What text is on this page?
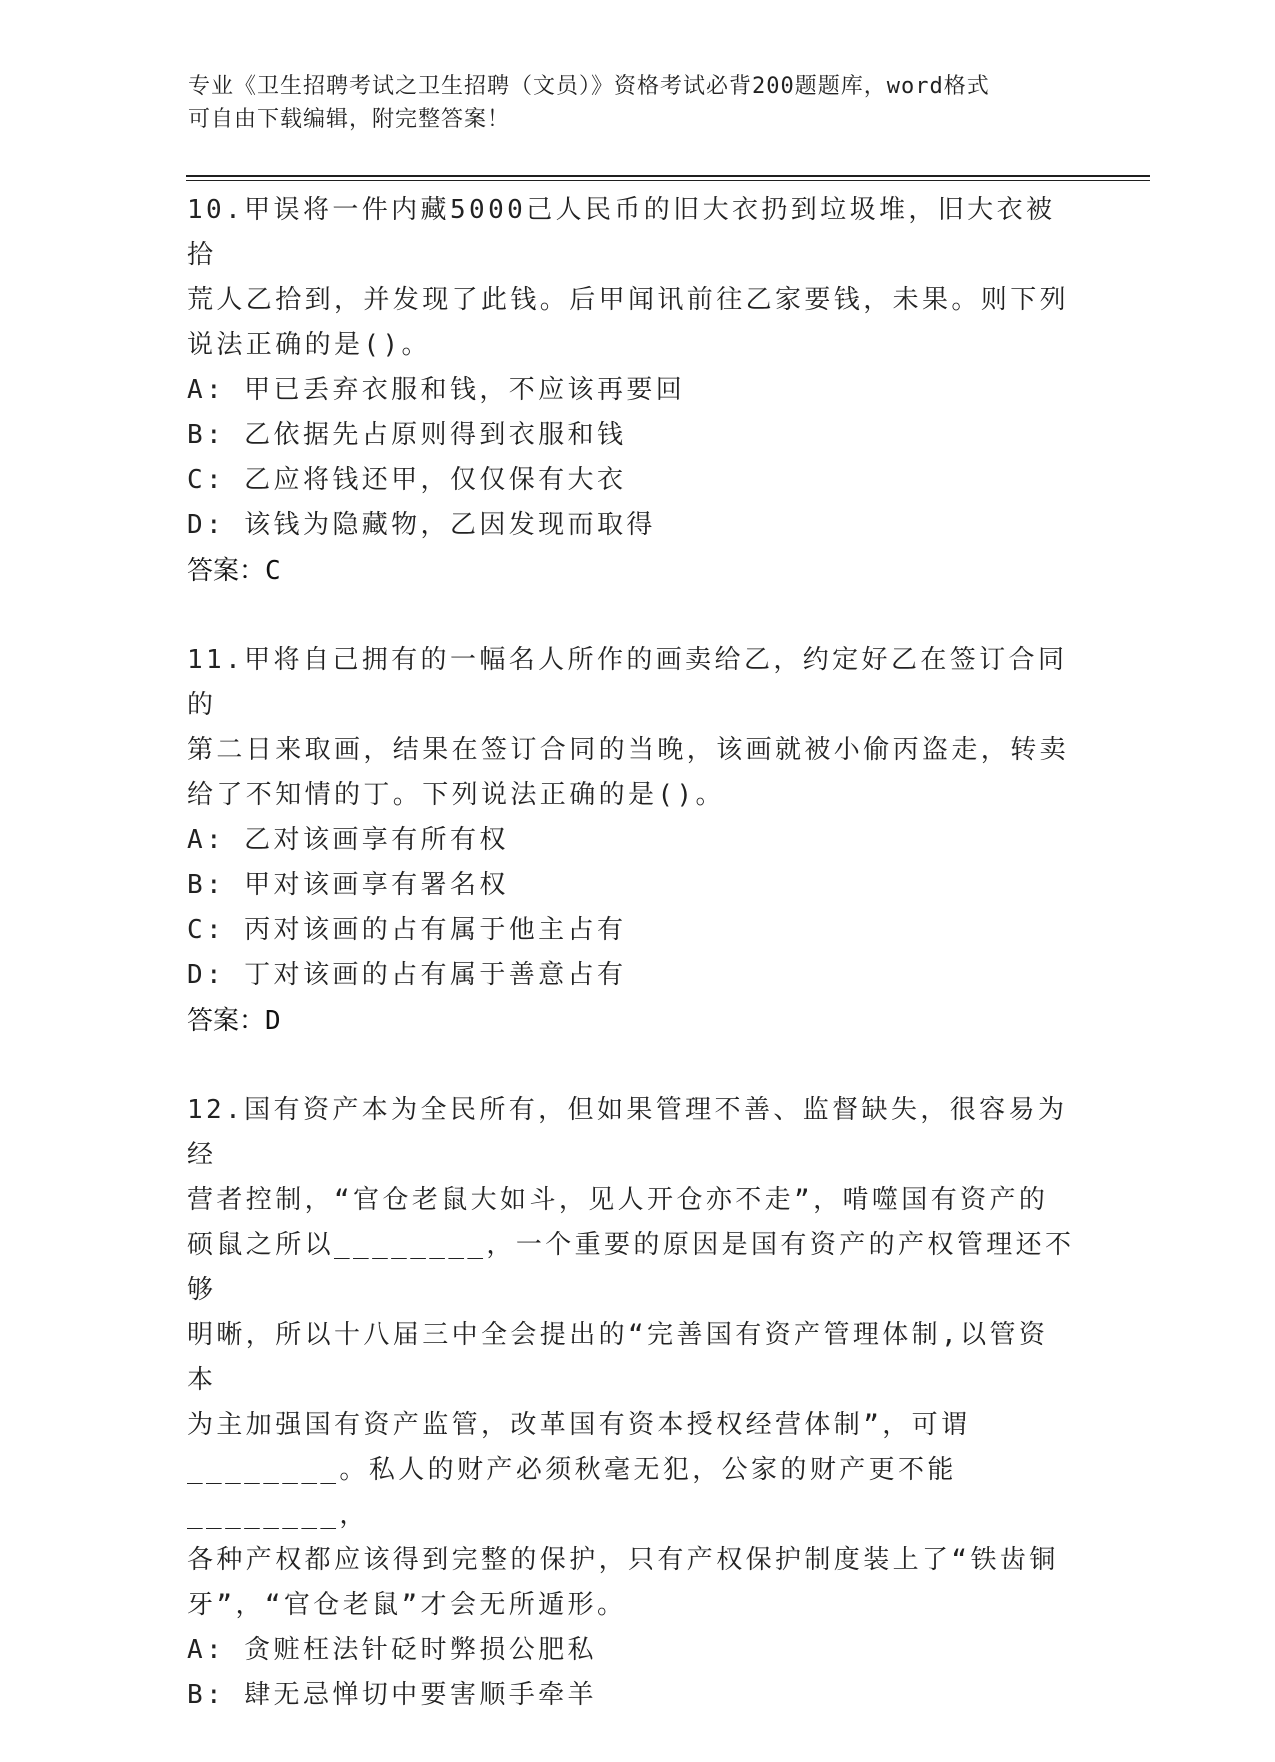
专业《卫生招聘考试之卫生招聘（文员）》资格考试必背200题题库，word格式
可自由下载编辑，附完整答案！
10.甲误将一件内藏5000己人民币的旧大衣扔到垃圾堆，旧大衣被拾
荒人乙拾到，并发现了此钱。后甲闻讯前往乙家要钱，未果。则下列
说法正确的是()。
A: 甲已丢弃衣服和钱，不应该再要回
B: 乙依据先占原则得到衣服和钱
C: 乙应将钱还甲，仅仅保有大衣
D: 该钱为隐藏物，乙因发现而取得
答案：C
11.甲将自己拥有的一幅名人所作的画卖给乙，约定好乙在签订合同的
第二日来取画，结果在签订合同的当晚，该画就被小偷丙盗走，转卖
给了不知情的丁。下列说法正确的是()。
A: 乙对该画享有所有权
B: 甲对该画享有署名权
C: 丙对该画的占有属于他主占有
D: 丁对该画的占有属于善意占有
答案：D
12.国有资产本为全民所有，但如果管理不善、监督缺失，很容易为经
营者控制，“官仓老鼠大如斗，见人开仓亦不走”，啃噬国有资产的
硕鼠之所以________，一个重要的原因是国有资产的产权管理还不够
明晰，所以十八届三中全会提出的“完善国有资产管理体制,以管资本
为主加强国有资产监管，改革国有资本授权经营体制”，可谓
________。私人的财产必须秋毫无犯，公家的财产更不能________，
各种产权都应该得到完整的保护，只有产权保护制度装上了“铁齿铜
牙”，“官仓老鼠”才会无所遁形。
A: 贪赃枉法针砭时弊损公肥私
B: 肆无忌惮切中要害顺手牵羊
